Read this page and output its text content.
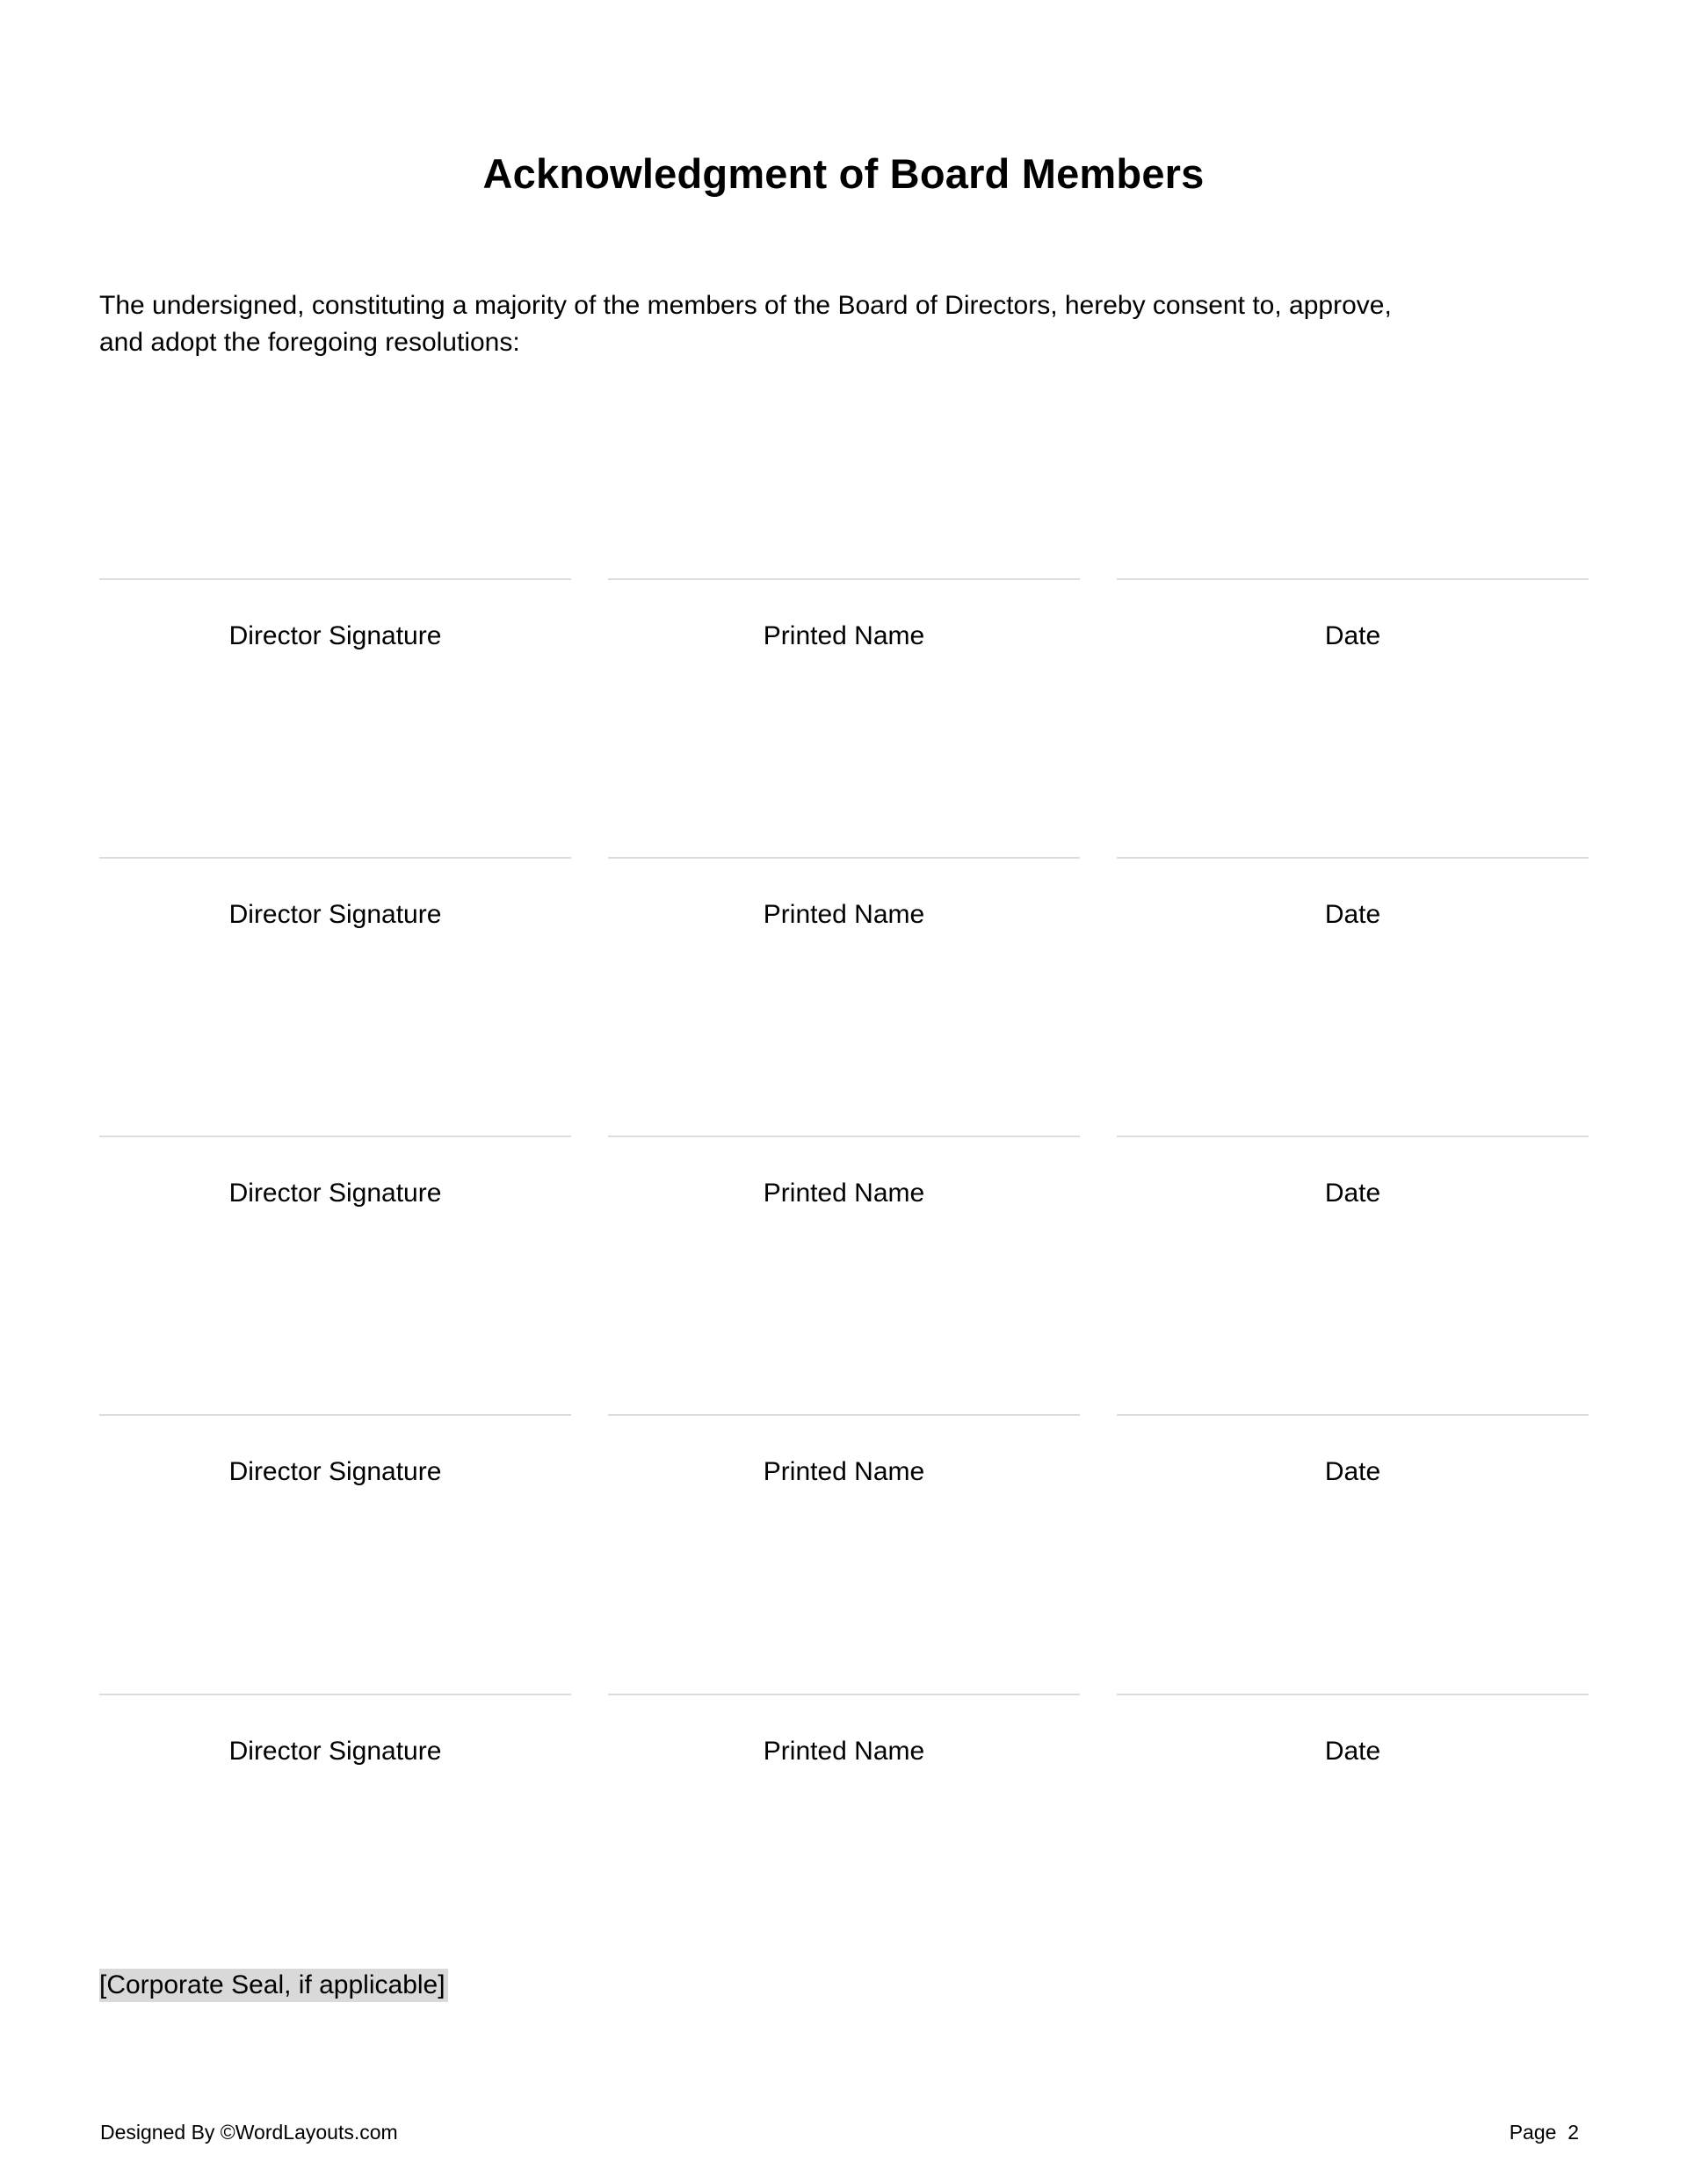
Acknowledgment of Board Members

The undersigned, constituting a majority of the members of the Board of Directors, hereby consent to, approve,
and adopt the foregoing resolutions:

Director Signature	Printed Name	Date
Director Signature	Printed Name	Date
Director Signature	Printed Name	Date
Director Signature	Printed Name	Date
Director Signature	Printed Name	Date
[Corporate Seal, if applicable]
Designed By ©WordLayouts.com	Page  2
